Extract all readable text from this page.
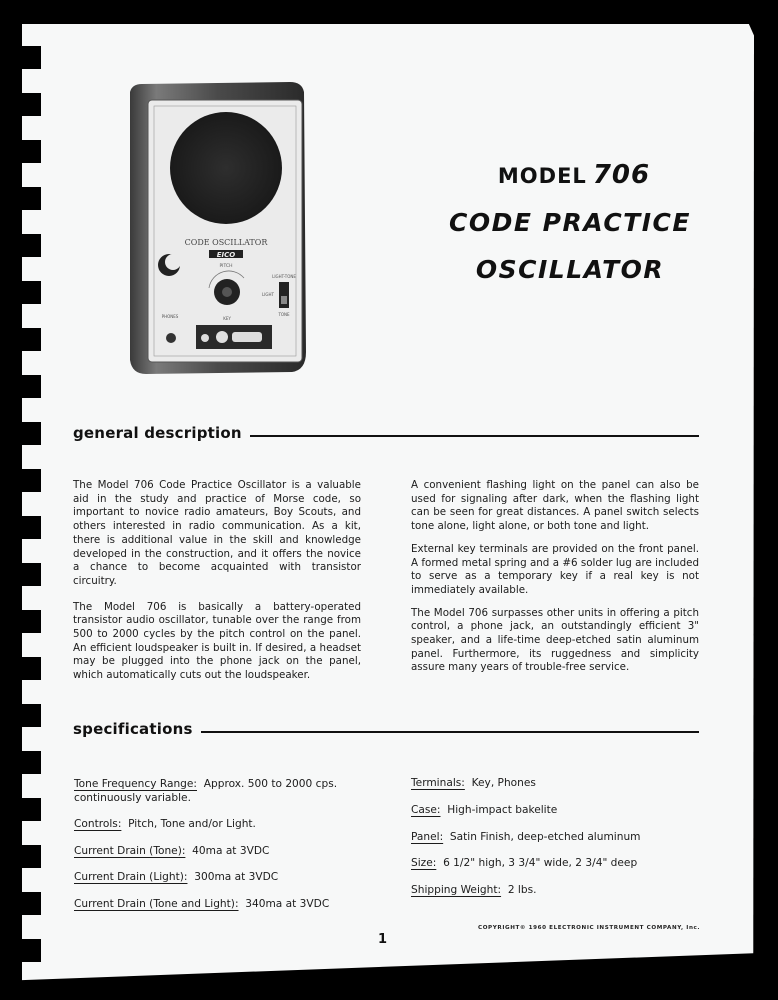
CODE OSCILLATOR
EICO
PITCH
LIGHT-TONE
LIGHT
TONE
PHONES	KEY
MODEL 706
CODE PRACTICE
OSCILLATOR
general description

The Model 706 Code Practice Oscillator is a valuable aid in the study and practice of Morse code, so important to novice radio amateurs, Boy Scouts, and others interested in radio communication. As a kit, there is additional value in the skill and knowledge developed in the construction, and it offers the novice a chance to become acquainted with transistor circuitry.

The Model 706 is basically a battery-operated transistor audio oscillator, tunable over the range from 500 to 2000 cycles by the pitch control on the panel. An efficient loudspeaker is built in. If desired, a headset may be plugged into the phone jack on the panel, which automatically cuts out the loudspeaker.

A convenient flashing light on the panel can also be used for signaling after dark, when the flashing light can be seen for great distances. A panel switch selects tone alone, light alone, or both tone and light.

External key terminals are provided on the front panel. A formed metal spring and a #6 solder lug are included to serve as a temporary key if a real key is not immediately available.

The Model 706 surpasses other units in offering a pitch control, a phone jack, an outstandingly efficient 3" speaker, and a life-time deep-etched satin aluminum panel. Furthermore, its ruggedness and simplicity assure many years of trouble-free service.

specifications
Tone Frequency Range: Approx. 500 to 2000 cps. continuously variable.
Controls: Pitch, Tone and/or Light.
Current Drain (Tone): 40ma at 3VDC
Current Drain (Light): 300ma at 3VDC
Current Drain (Tone and Light): 340ma at 3VDC
Terminals: Key, Phones
Case: High-impact bakelite
Panel: Satin Finish, deep-etched aluminum
Size: 6 1/2" high, 3 3/4" wide, 2 3/4" deep
Shipping Weight: 2 lbs.
COPYRIGHT© 1960 ELECTRONIC INSTRUMENT COMPANY, Inc.
1
